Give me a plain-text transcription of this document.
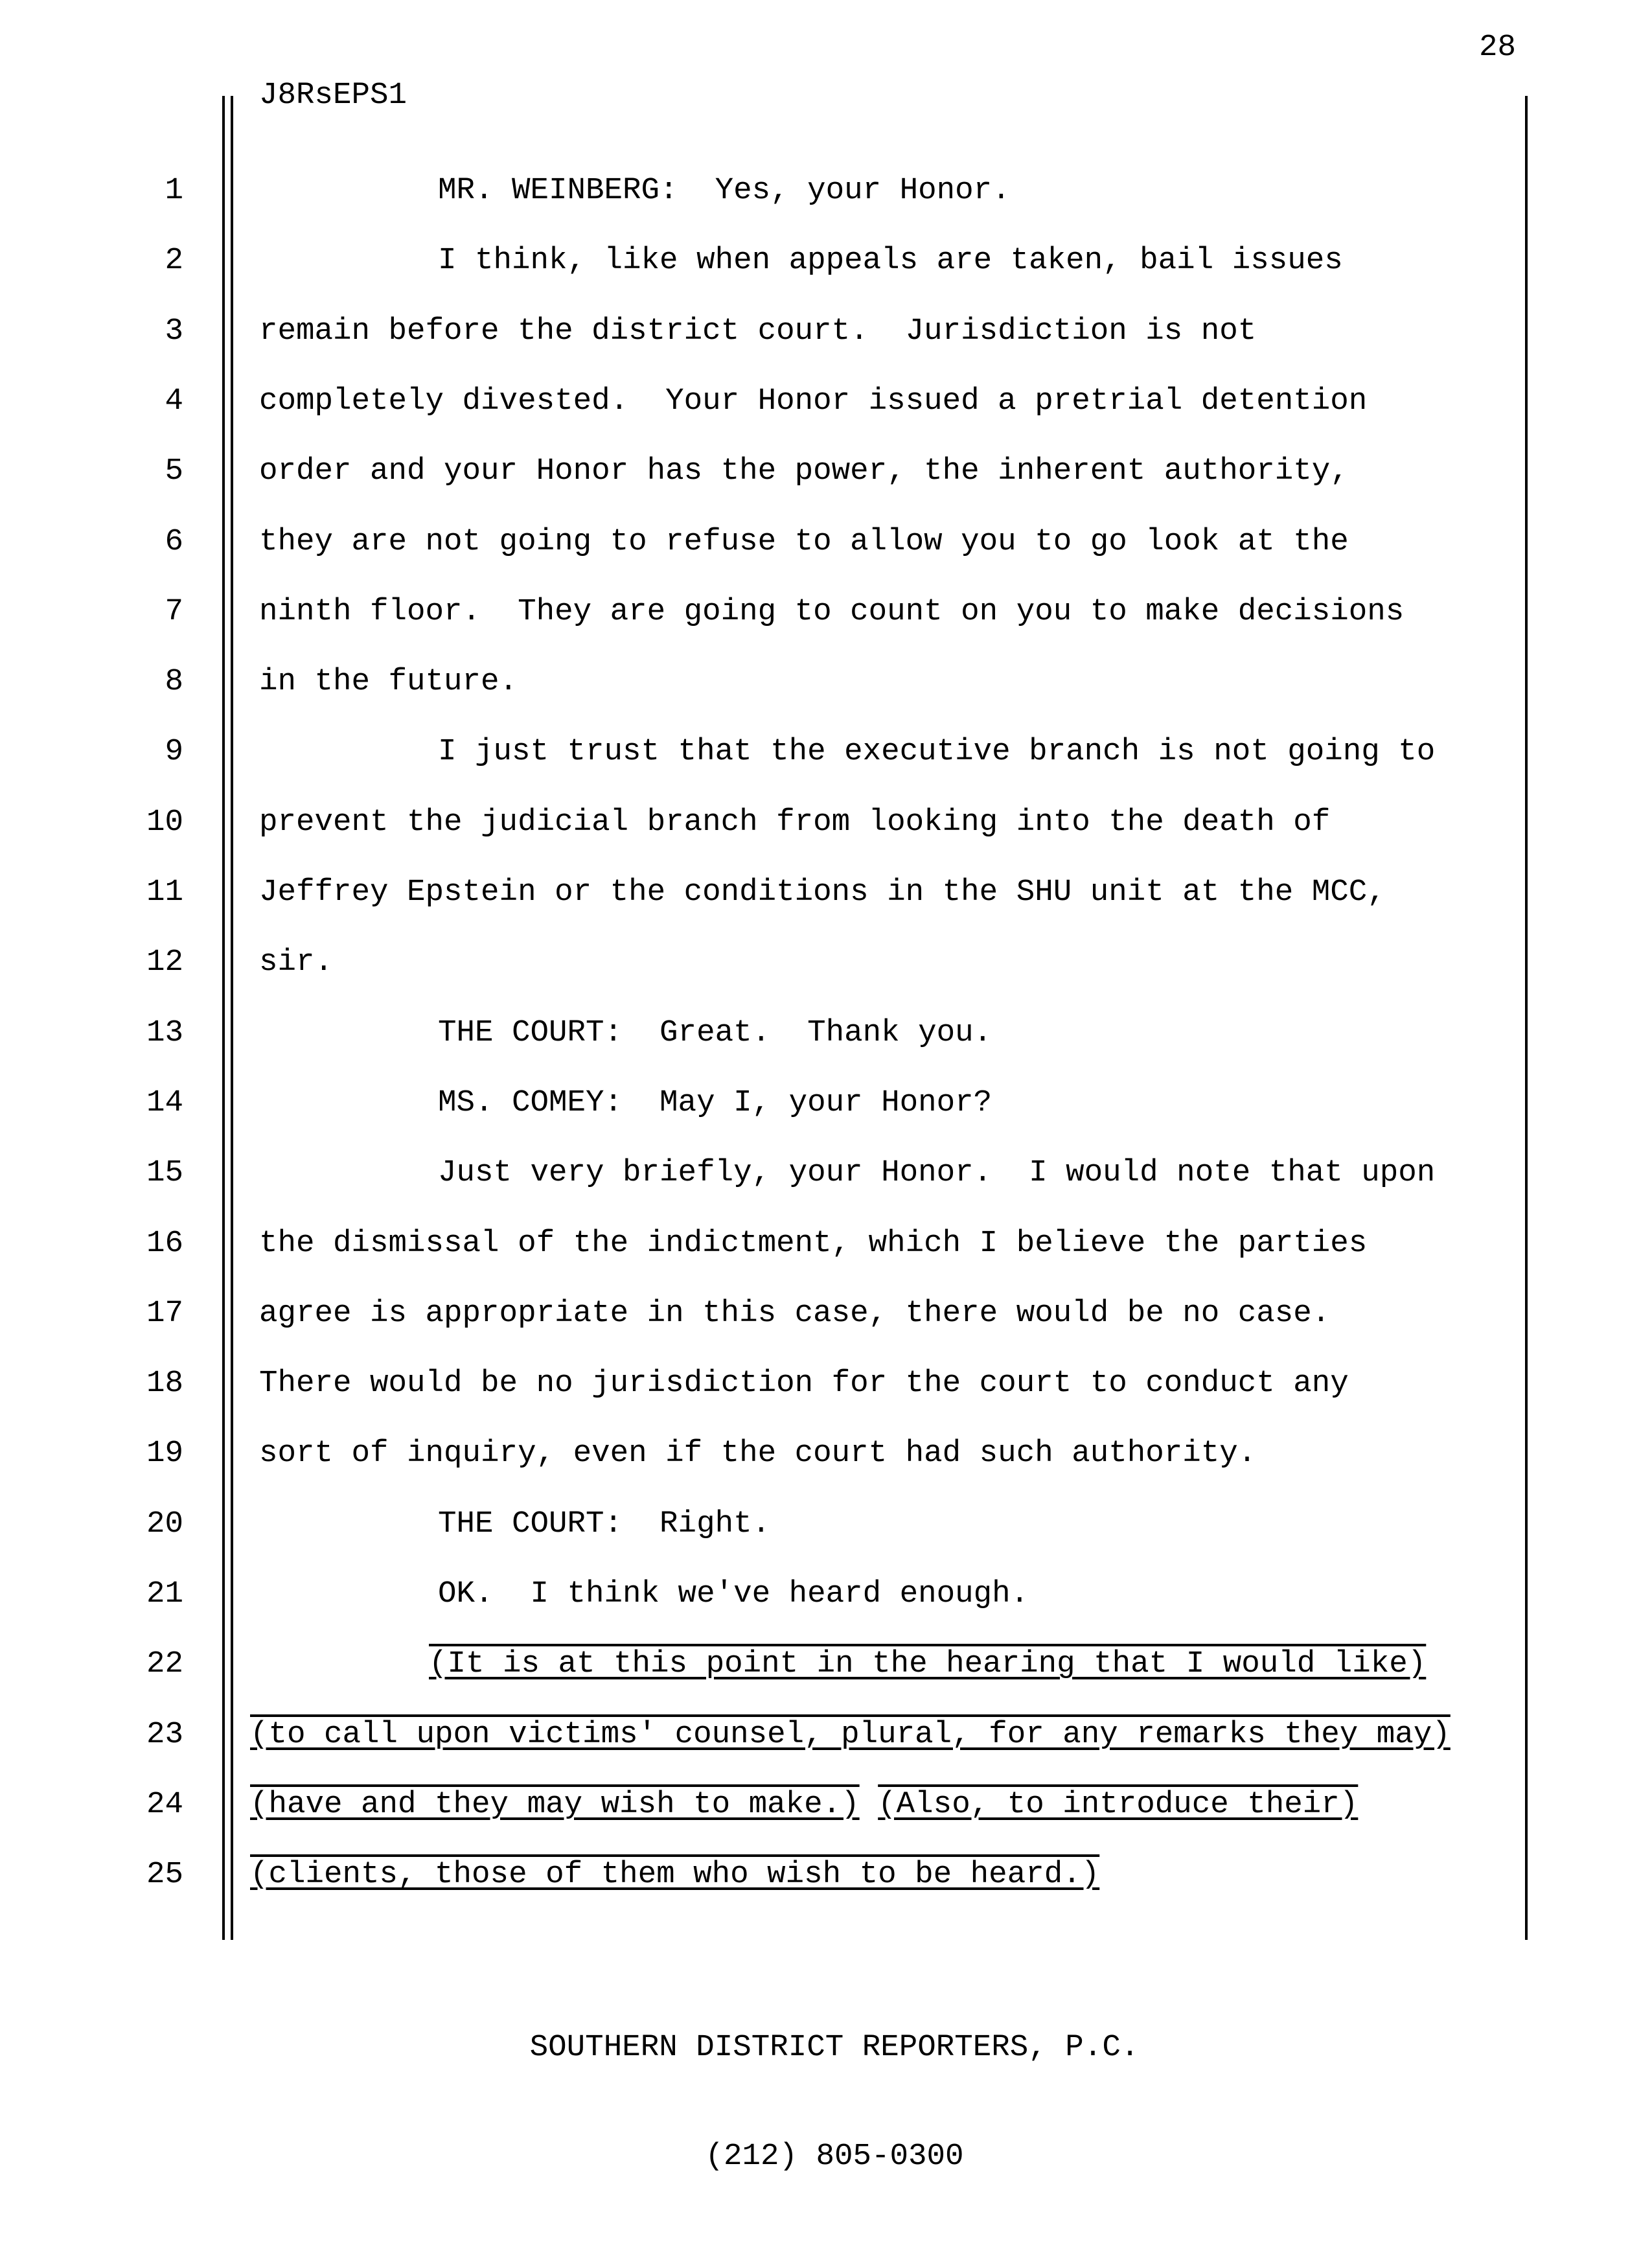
28
J8RsEPS1
1	MR. WEINBERG:  Yes, your Honor.
2	I think, like when appeals are taken, bail issues
3 remain before the district court.  Jurisdiction is not
4 completely divested.  Your Honor issued a pretrial detention
5 order and your Honor has the power, the inherent authority,
6 they are not going to refuse to allow you to go look at the
7 ninth floor.  They are going to count on you to make decisions
8 in the future.
9	I just trust that the executive branch is not going to
10 prevent the judicial branch from looking into the death of
11 Jeffrey Epstein or the conditions in the SHU unit at the MCC,
12 sir.
13	THE COURT:  Great.  Thank you.
14	MS. COMEY:  May I, your Honor?
15	Just very briefly, your Honor.  I would note that upon
16 the dismissal of the indictment, which I believe the parties
17 agree is appropriate in this case, there would be no case.
18 There would be no jurisdiction for the court to conduct any
19 sort of inquiry, even if the court had such authority.
20	THE COURT:  Right.
21	OK.  I think we've heard enough.
22	(It is at this point in the hearing that I would like)
23 (to call upon victims' counsel, plural, for any remarks they may)
24 (have and they may wish to make.) (Also, to introduce their)
25 (clients, those of them who wish to be heard.)

SOUTHERN DISTRICT REPORTERS, P.C.

(212) 805-0300
